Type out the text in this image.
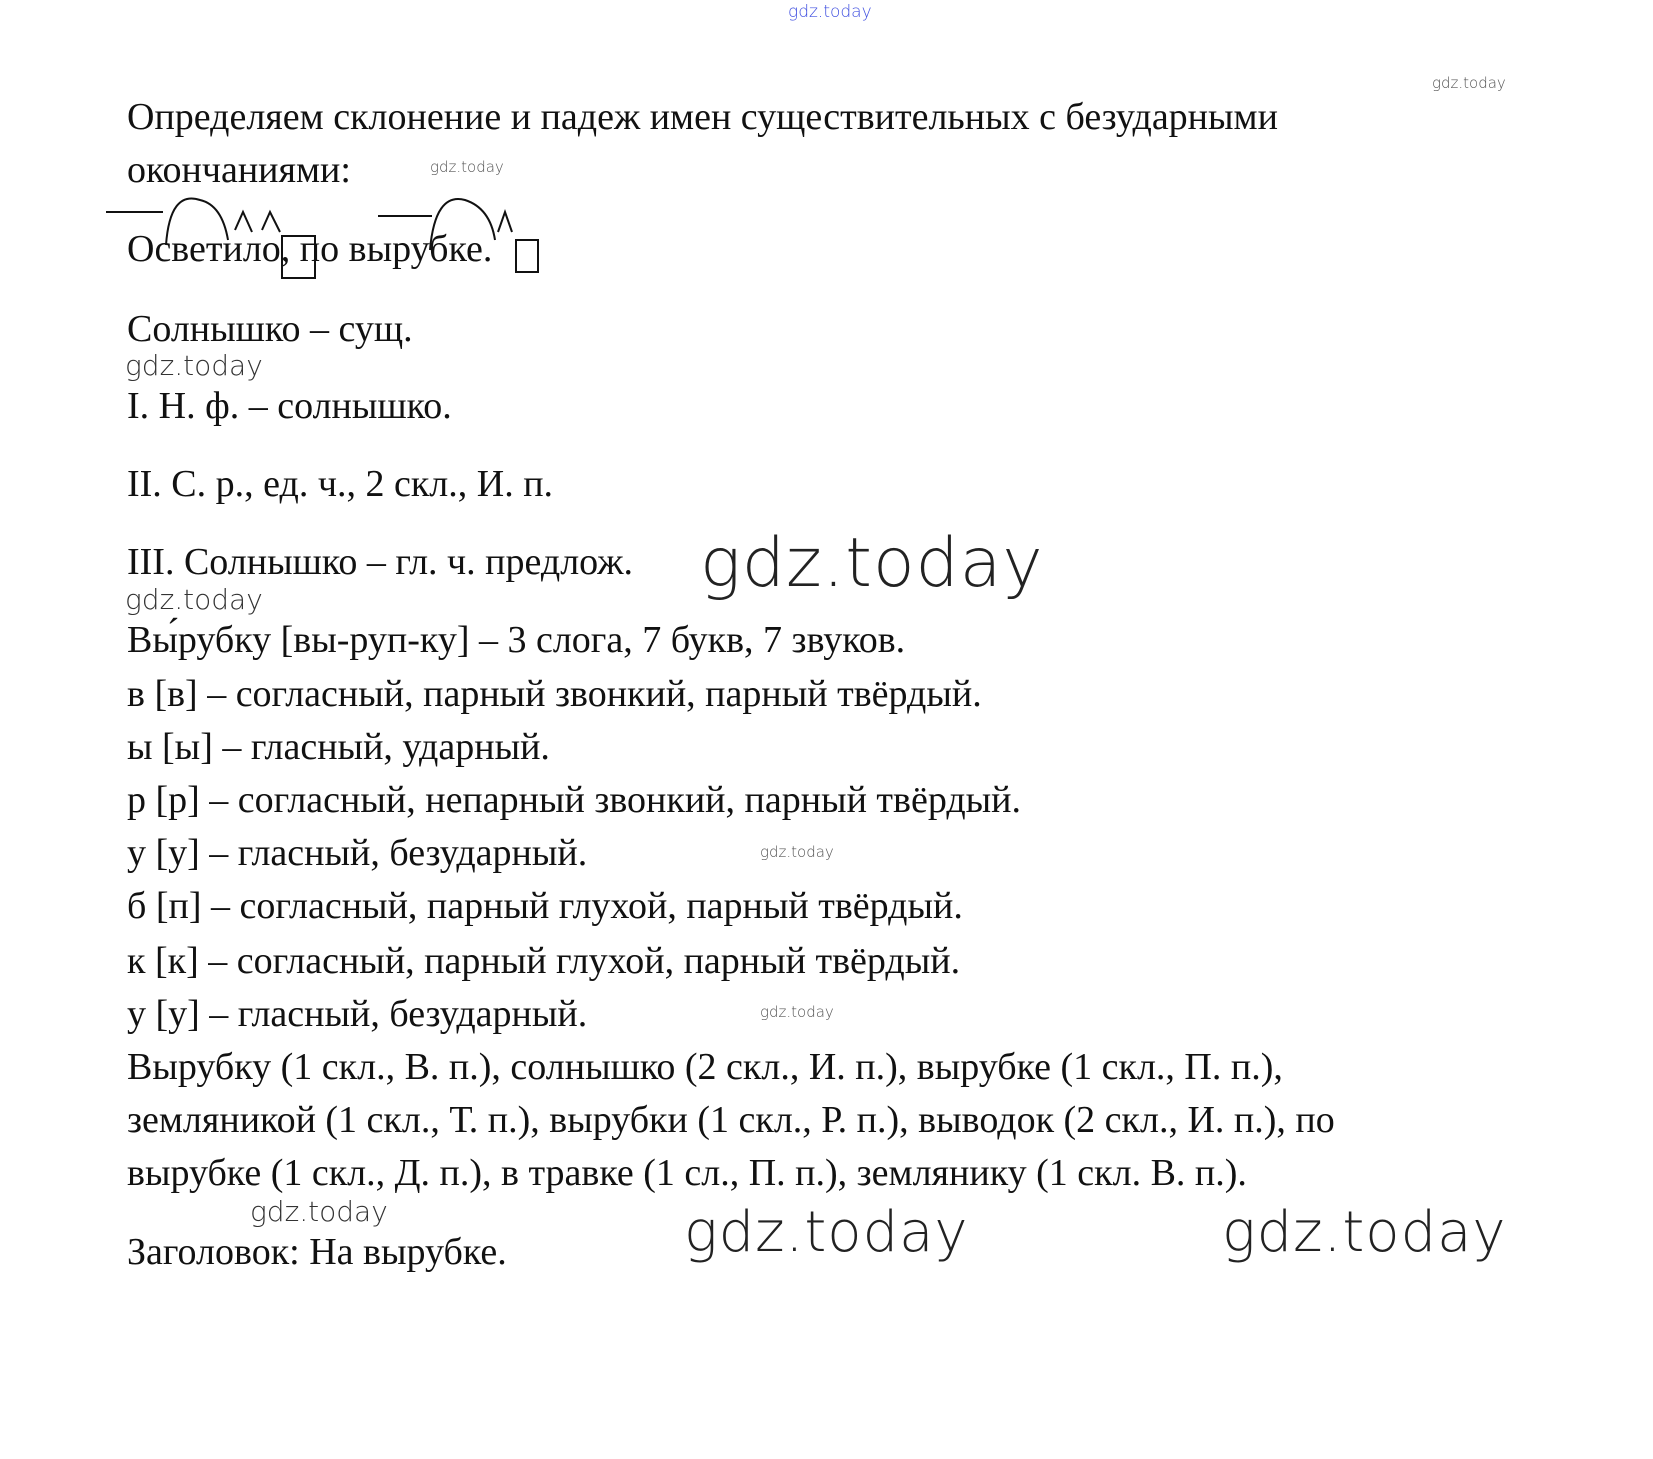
gdz.today
Определяем склонение и падеж имен существительных с безударными
окончаниями:
Осветило, по вырубке.
Солнышко – сущ.
I. Н. ф. – солнышко.
II. С. р., ед. ч., 2 скл., И. п.
III. Солнышко – гл. ч. предлож.
Вы́рубку [вы-руп-ку] – 3 слога, 7 букв, 7 звуков.
в [в] – согласный, парный звонкий, парный твёрдый.
ы [ы] – гласный, ударный.
р [р] – согласный, непарный звонкий, парный твёрдый.
у [у] – гласный, безударный.
б [п] – согласный, парный глухой, парный твёрдый.
к [к] – согласный, парный глухой, парный твёрдый.
у [у] – гласный, безударный.
Вырубку (1 скл., В. п.), солнышко (2 скл., И. п.), вырубке (1 скл., П. п.),
земляникой (1 скл., Т. п.), вырубки (1 скл., Р. п.), выводок (2 скл., И. п.), по
вырубке (1 скл., Д. п.), в травке (1 сл., П. п.), землянику (1 скл. В. п.).
Заголовок: На вырубке.
gdz.today
gdz.today
gdz.today
gdz.today
gdz.today
gdz.today
gdz.today
gdz.today	gdz.today	gdz.today
